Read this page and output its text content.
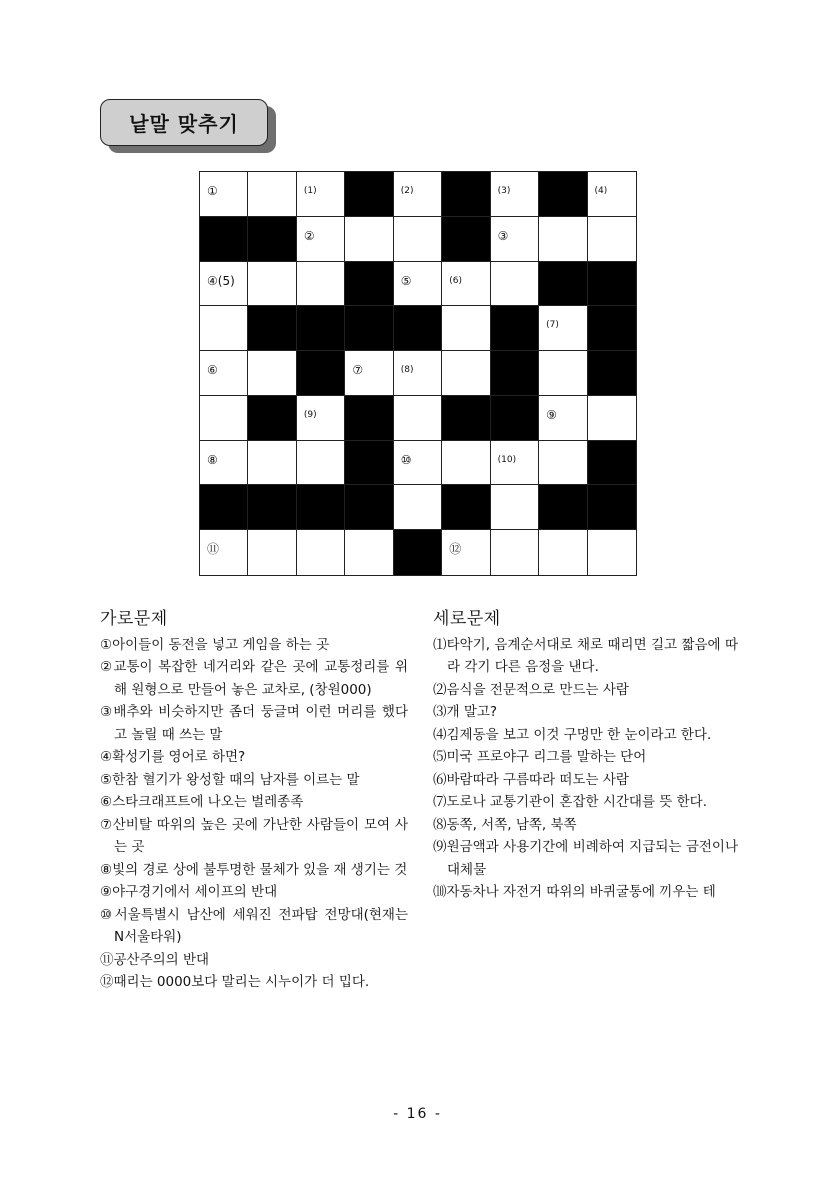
낱말 맞추기
①	(1)	(2)	(3)	(4)
②	③
④(5)	⑤	(6)
(7)
⑥	⑦	(8)
(9)	⑨
⑧	⑩	(10)
⑪	⑫
가로문제
①아이들이 동전을 넣고 게임을 하는 곳
②교통이 복잡한 네거리와 같은 곳에 교통정리를 위해 원형으로 만들어 놓은 교차로, (창원000)
③배추와 비슷하지만 좀더 둥글며 이런 머리를 했다고 놀릴 때 쓰는 말
④확성기를 영어로 하면?
⑤한참 혈기가 왕성할 때의 남자를 이르는 말
⑥스타크래프트에 나오는 벌레종족
⑦산비탈 따위의 높은 곳에 가난한 사람들이 모여 사는 곳
⑧빛의 경로 상에 불투명한 물체가 있을 재 생기는 것
⑨야구경기에서 세이프의 반대
⑩서울특별시 남산에 세워진 전파탑 전망대(현재는 N서울타워)
⑪공산주의의 반대
⑫때리는 0000보다 말리는 시누이가 더 밉다.
세로문제
⑴타악기, 음계순서대로 채로 때리면 길고 짧음에 따라 각기 다른 음정을 낸다.
⑵음식을 전문적으로 만드는 사람
⑶개 말고?
⑷김제동을 보고 이것 구멍만 한 눈이라고 한다.
⑸미국 프로야구 리그를 말하는 단어
⑹바람따라 구름따라 떠도는 사람
⑺도로나 교통기관이 혼잡한 시간대를 뜻 한다.
⑻동쪽, 서쪽, 남쪽, 북쪽
⑼원금액과 사용기간에 비례하여 지급되는 금전이나 대체물
⑽자동차나 자전거 따위의 바퀴굴통에 끼우는 테
- 16 -
